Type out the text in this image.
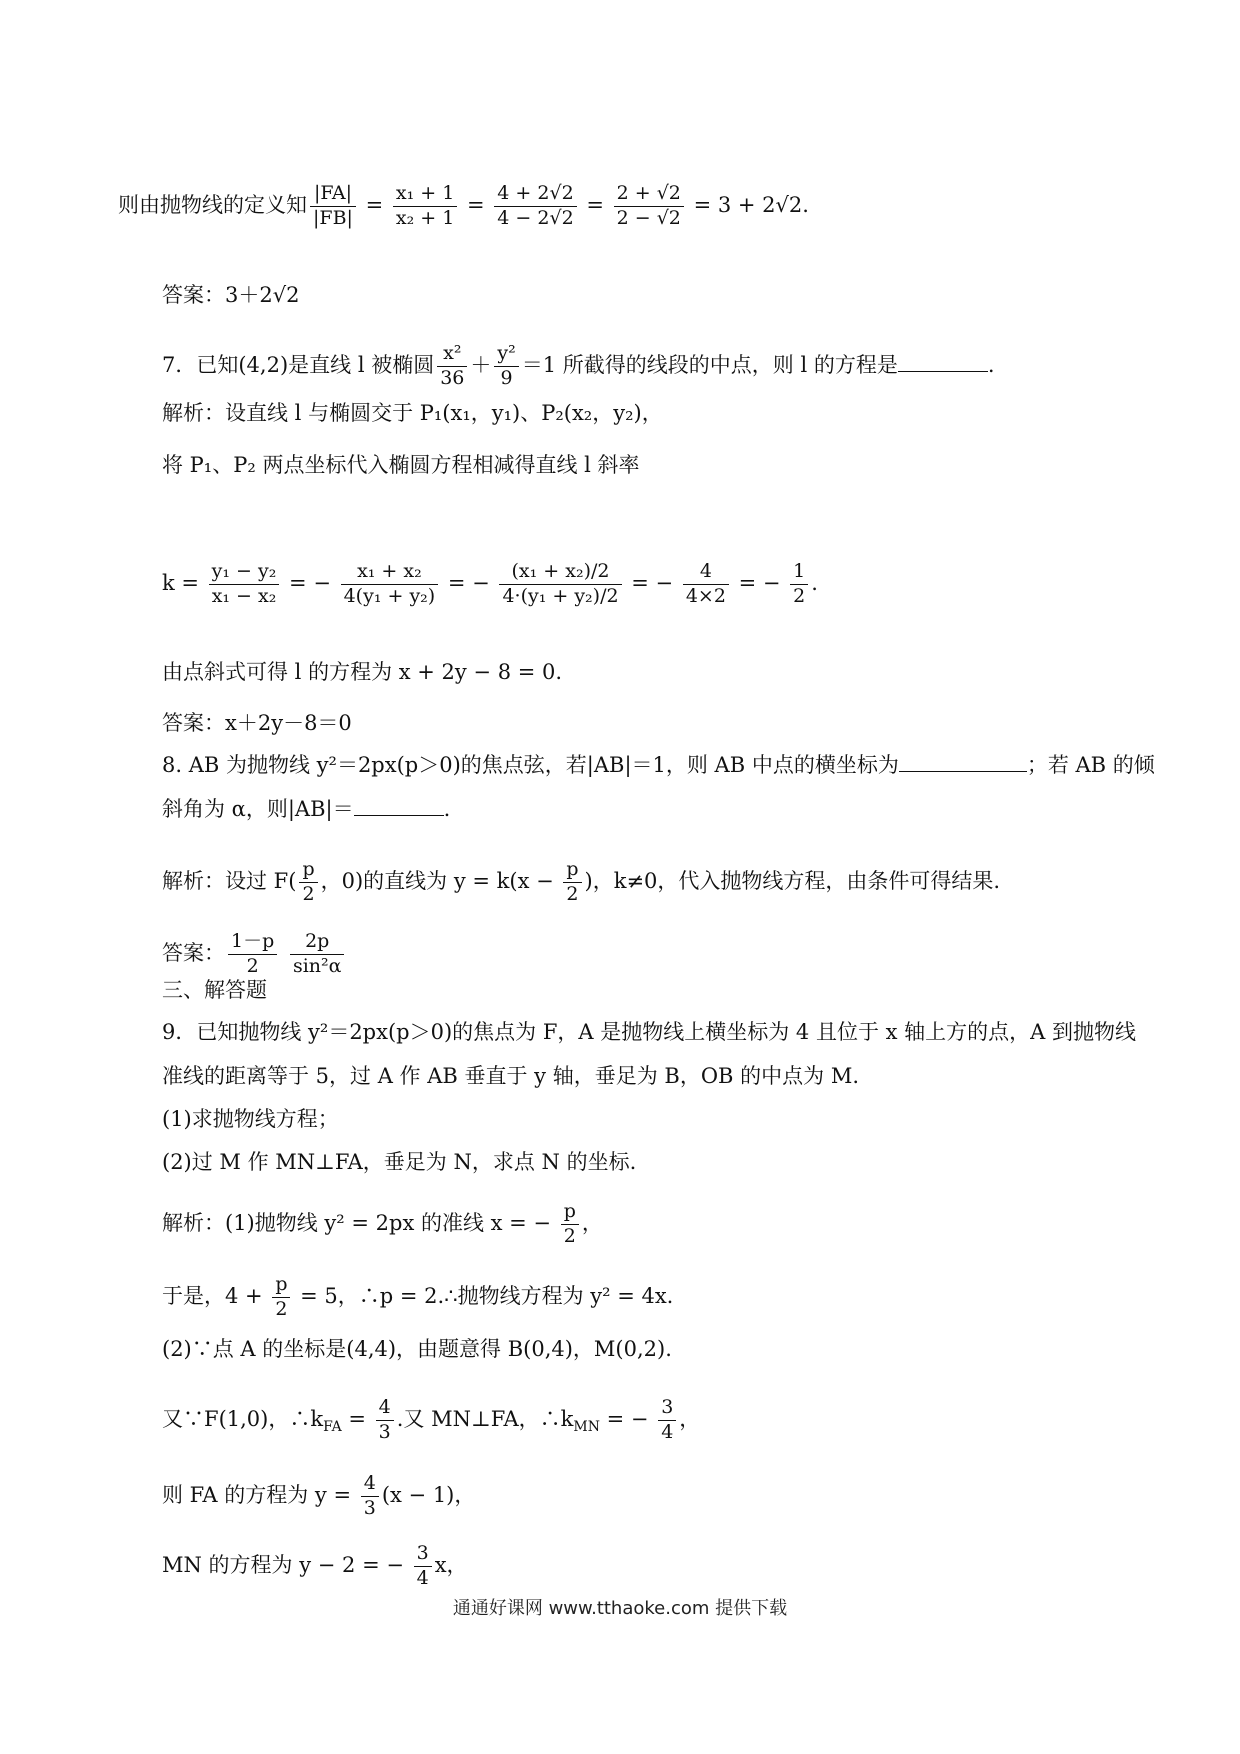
则由抛物线的定义知 $\frac{|FA|}{|FB|} = \frac{\text{x₁ + 1}}{\text{x₂ + 1}} = \frac{4 + 2√2}{4 - 2√2} = \frac{2 + √2}{2 - √2} = 3 + 2√2$.
答案：3＋2√2
7．已知(4,2)是直线 l 被椭圆 $\frac{\text{x²}}{36} + \frac{\text{y²}}{9} =1$ 所截得的线段的中点，则 l 的方程是	.
解析：设直线 l 与椭圆交于 P₁(x₁，y₁)、P₂(x₂，y₂)，
将 P₁、P₂ 两点坐标代入椭圆方程相减得直线 l 斜率
$k = \frac{\text{y₁ − y₂}}{\text{x₁ − x₂}}$ = − $\frac{\text{x₁ + x₂}}{\text{4(y₁ + y₂)}}$ = − $\frac{\text{(x₁ + x₂)/2}}{\text{4·(y₁ + y₂)/2}}$ = − $\frac{4}{4\times 2}$ = − $\frac{1}{2}$ .
由点斜式可得 l 的方程为 x + 2y − 8 = 0.
答案：x＋2y－8＝0
8. AB 为抛物线 y²＝2px(p＞0)的焦点弦，若|AB|＝1，则 AB 中点的横坐标为	；若 AB 的倾
斜角为 α，则|AB|＝	.
解析：设过 $F( \frac{p}{2}$ ，0)的直线为 $y = k(x - \frac{p}{2}$ )，k≠0，代入抛物线方程，由条件可得结果.
答案： $\frac{1-p}{2}$
$\frac{2p}{\text{sin²α}}$
三、解答题
9．已知抛物线 y²＝2px(p＞0)的焦点为 F，A 是抛物线上横坐标为 4 且位于 x 轴上方的点，A 到抛物线
准线的距离等于 5，过 A 作 AB 垂直于 y 轴，垂足为 B，OB 的中点为 M.
(1)求抛物线方程；
(2)过 M 作 MN⊥FA，垂足为 N，求点 N 的坐标.
解析：(1)抛物线 y² = 2px 的准线 x = − $\frac{p}{2}$ ，
于是，$4 + \frac{p}{2} = 5$，∴p = 2.∴抛物线方程为 y² = 4x.
(2)∵点 A 的坐标是(4,4)，由题意得 B(0,4)，M(0,2).
又∵F(1,0)，$\therefore k_{FA} = \frac{4}{3}$ .又 MN⊥FA，$\therefore k_{MN}$ = − $\frac{3}{4}$ ，
则 FA 的方程为 $y = \frac{4}{3} (x - 1)$，
MN 的方程为 y − 2 = − $\frac{3}{4}$ x，
通通好课网 www.tthaoke.com 提供下载
